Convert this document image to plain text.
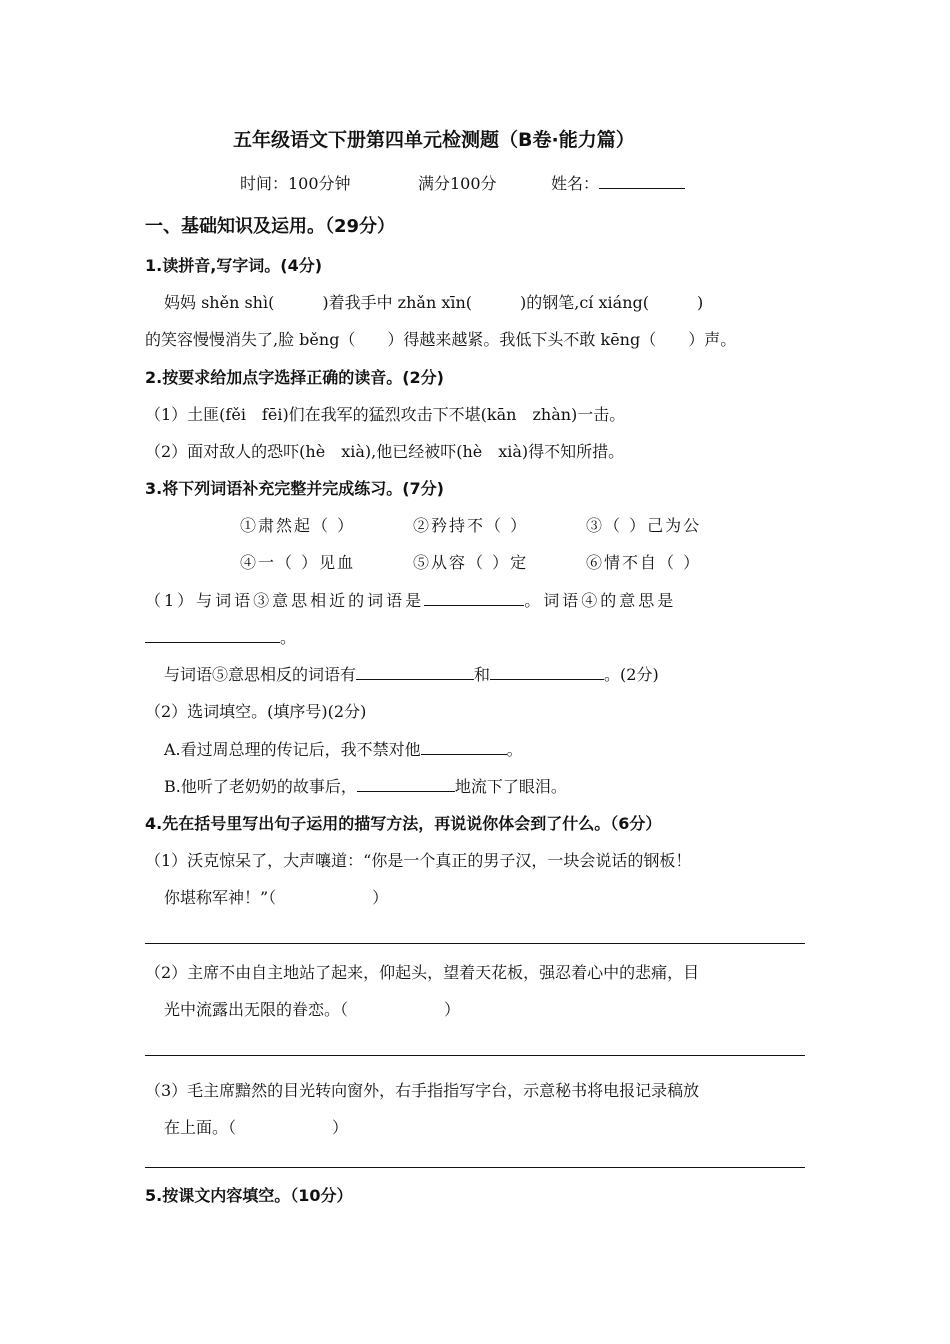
五年级语文下册第四单元检测题（B卷·能力篇）
时间：100分钟	满分100分	姓名：
一、基础知识及运用。（29分）
1.读拼音,写字词。(4分)
妈妈 shěn shì(　　　)着我手中 zhǎn xīn(　　　)的钢笔,cí xiáng(　　　)
的笑容慢慢消失了,脸 běng（　　）得越来越紧。我低下头不敢 kēng（　　）声。
2.按要求给加点字选择正确的读音。(2分)
（1）土匪(fěi　fēi)们在我军的猛烈攻击下不堪(kān　zhàn)一击。
（2）面对敌人的恐吓(hè　xià),他已经被吓(hè　xià)得不知所措。
3.将下列词语补充完整并完成练习。(7分)
①肃然起（ ）	②矜持不（ ）	③（ ）己为公
④一（ ）见血	⑤从容（ ）定	⑥情不自（ ）
（1）与词语③意思相近的词语是	。词语④的意思是
。
与词语⑤意思相反的词语有	和	。(2分)
（2）选词填空。(填序号)(2分)
A.看过周总理的传记后，我不禁对他	。
B.他听了老奶奶的故事后，	地流下了眼泪。
4.先在括号里写出句子运用的描写方法，再说说你体会到了什么。（6分）
（1）沃克惊呆了，大声嚷道：“你是一个真正的男子汉，一块会说话的钢板！
你堪称军神！”（　　　　　　）
（2）主席不由自主地站了起来，仰起头，望着天花板，强忍着心中的悲痛，目
光中流露出无限的眷恋。（　　　　　　）
（3）毛主席黯然的目光转向窗外，右手指指写字台，示意秘书将电报记录稿放
在上面。（　　　　　　）
5.按课文内容填空。（10分）
